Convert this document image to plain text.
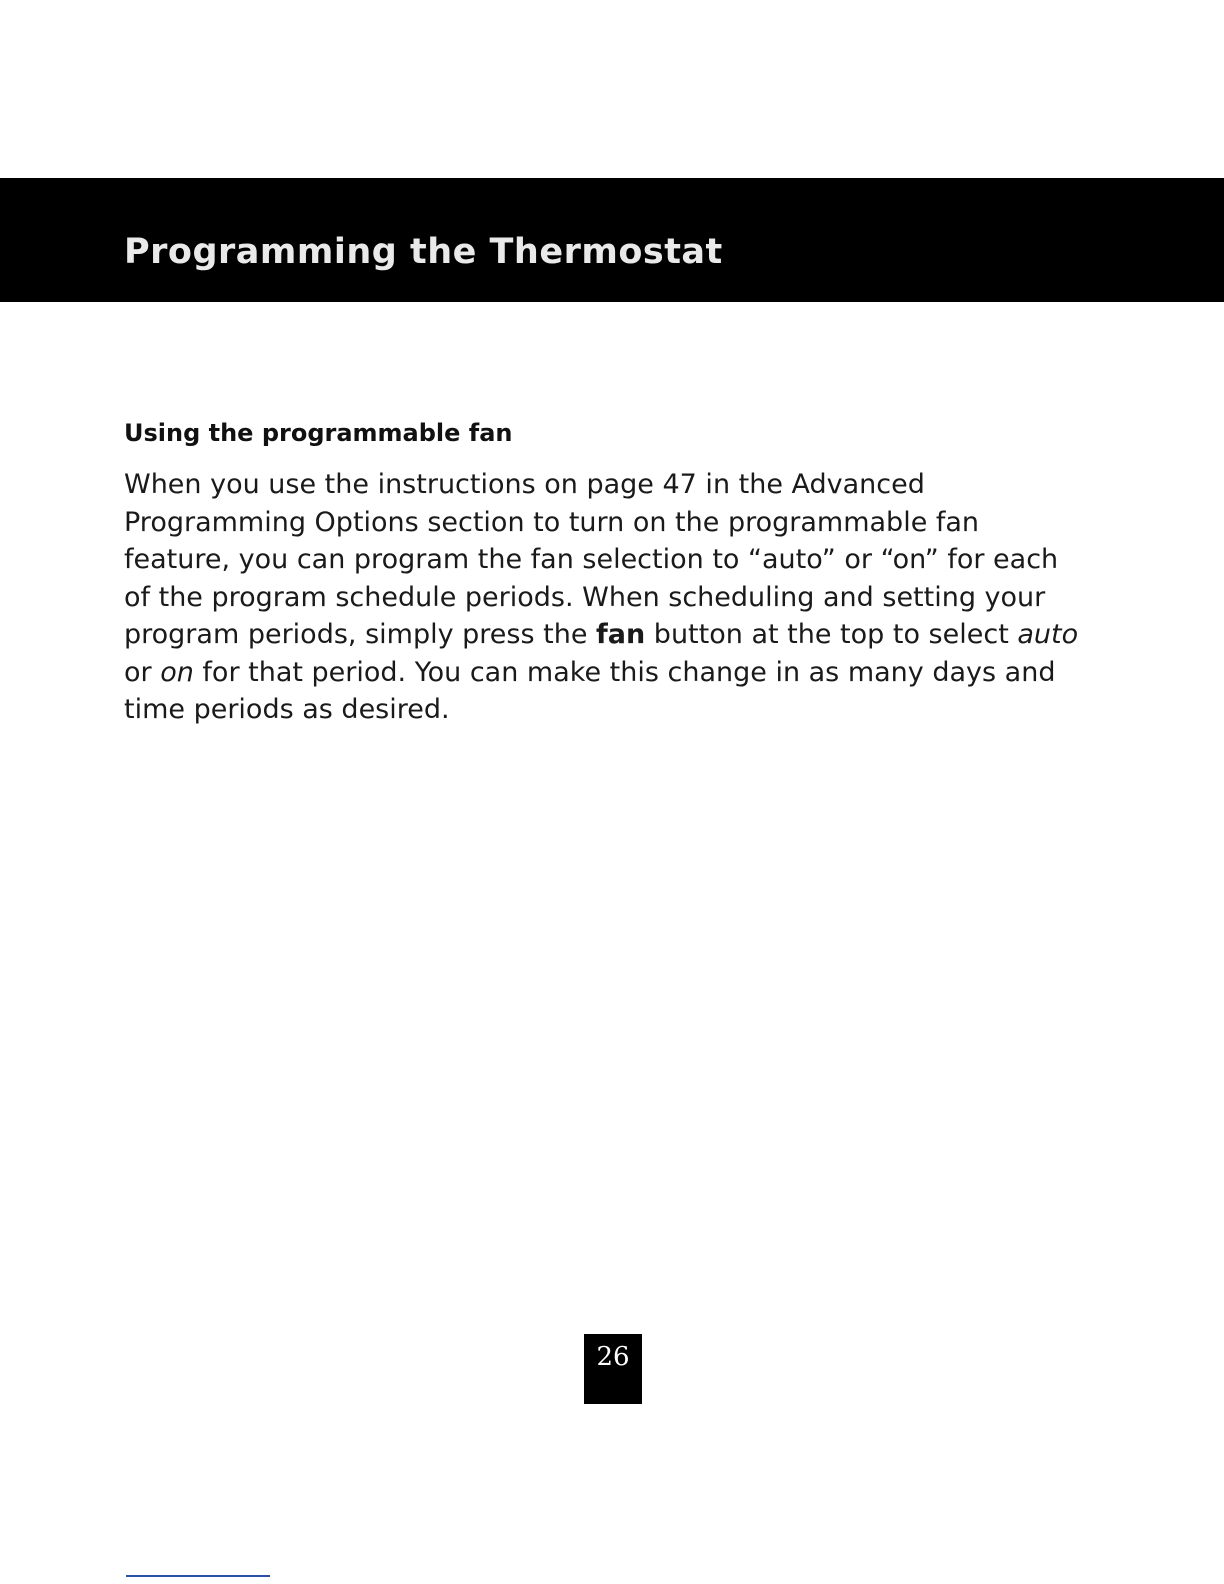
Programming the Thermostat
Using the programmable fan
When you use the instructions on page 47 in the Advanced
Programming Options section to turn on the programmable fan
feature, you can program the fan selection to “auto” or “on” for each
of the program schedule periods. When scheduling and setting your
program periods, simply press the fan button at the top to select auto
or on for that period. You can make this change in as many days and
time periods as desired.
26
